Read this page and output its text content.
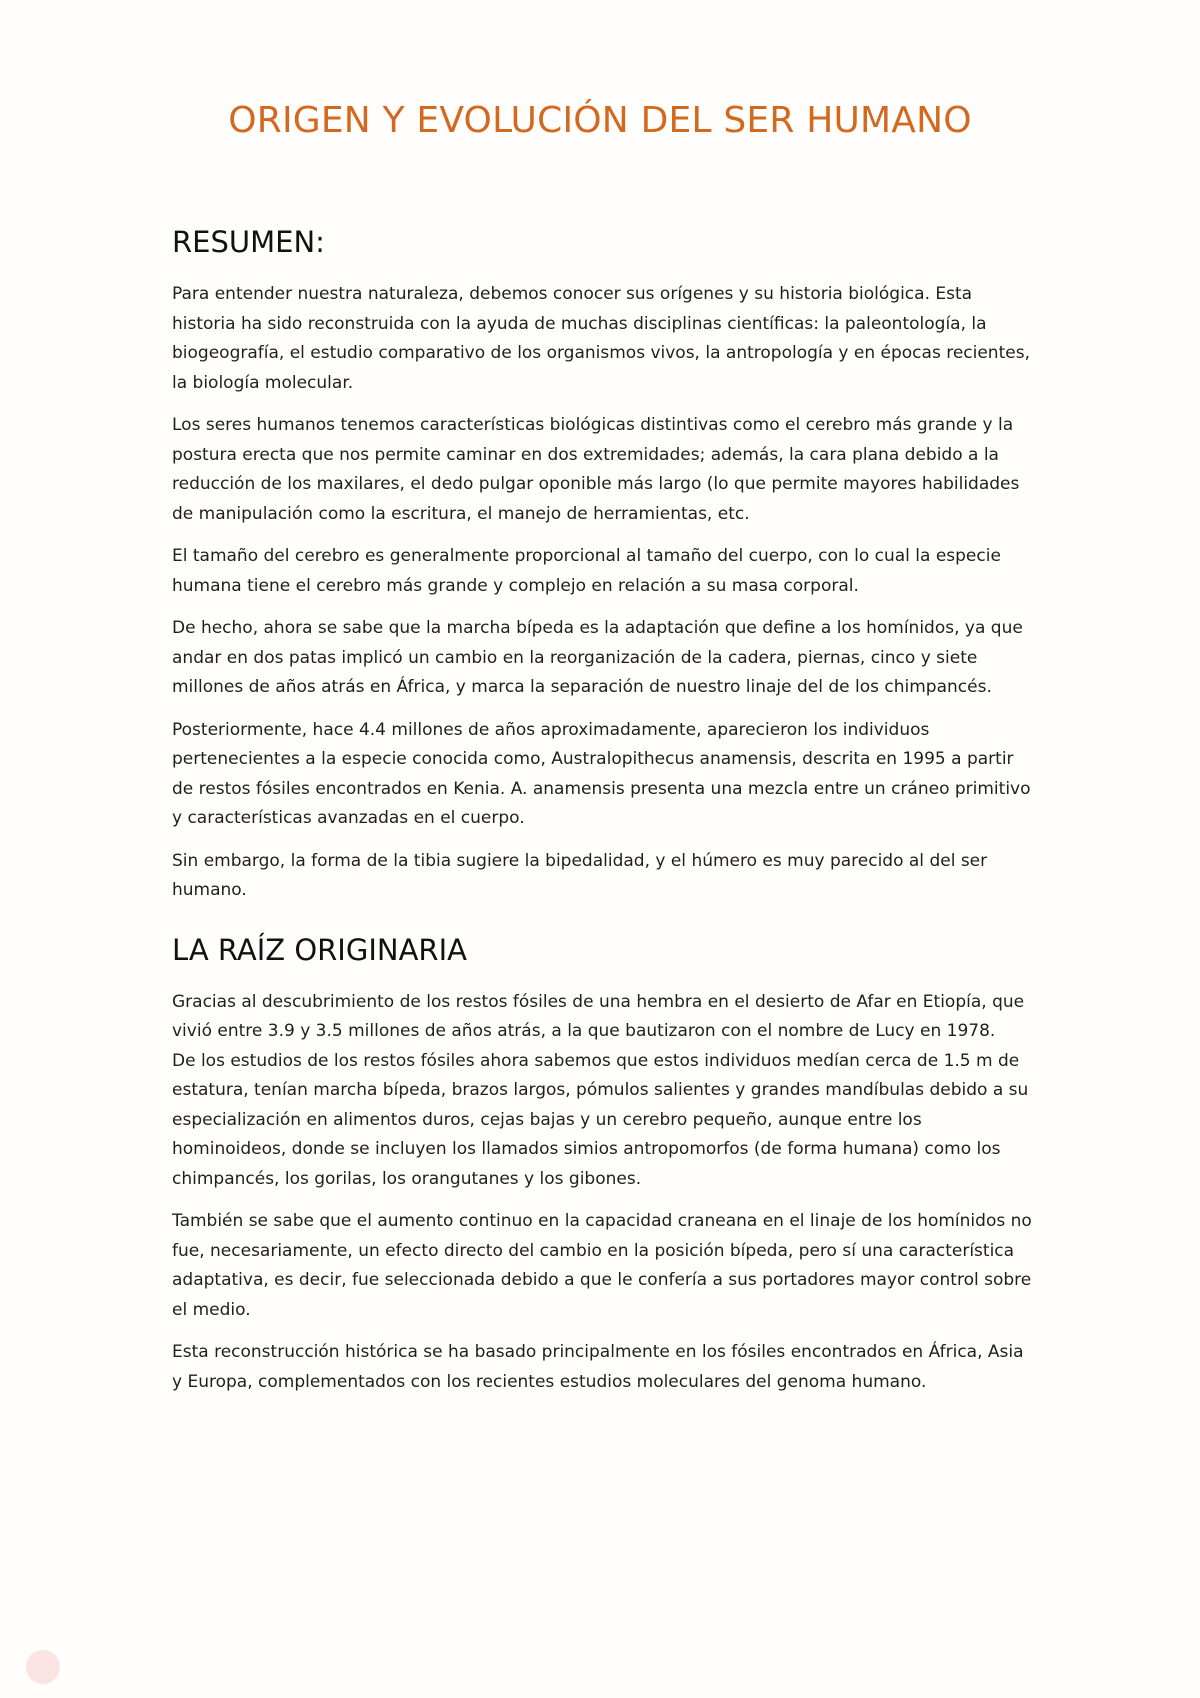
ORIGEN Y EVOLUCIÓN DEL SER HUMANO
RESUMEN:

Para entender nuestra naturaleza, debemos conocer sus orígenes y su historia biológica. Esta historia ha sido reconstruida con la ayuda de muchas disciplinas científicas: la paleontología, la biogeografía, el estudio comparativo de los organismos vivos, la antropología y en épocas recientes, la biología molecular.

Los seres humanos tenemos características biológicas distintivas como el cerebro más grande y la postura erecta que nos permite caminar en dos extremidades; además, la cara plana debido a la reducción de los maxilares, el dedo pulgar oponible más largo (lo que permite mayores habilidades de manipulación como la escritura, el manejo de herramientas, etc.

El tamaño del cerebro es generalmente proporcional al tamaño del cuerpo, con lo cual la especie humana tiene el cerebro más grande y complejo en relación a su masa corporal.

De hecho, ahora se sabe que la marcha bípeda es la adaptación que define a los homínidos, ya que andar en dos patas implicó un cambio en la reorganización de la cadera, piernas, cinco y siete millones de años atrás en África, y marca la separación de nuestro linaje del de los chimpancés.

Posteriormente, hace 4.4 millones de años aproximadamente, aparecieron los individuos pertenecientes a la especie conocida como, Australopithecus anamensis, descrita en 1995 a partir de restos fósiles encontrados en Kenia. A. anamensis presenta una mezcla entre un cráneo primitivo y características avanzadas en el cuerpo.

Sin embargo, la forma de la tibia sugiere la bipedalidad, y el húmero es muy parecido al del ser humano.

LA RAÍZ ORIGINARIA

Gracias al descubrimiento de los restos fósiles de una hembra en el desierto de Afar en Etiopía, que vivió entre 3.9 y 3.5 millones de años atrás, a la que bautizaron con el nombre de Lucy en 1978.

De los estudios de los restos fósiles ahora sabemos que estos individuos medían cerca de 1.5 m de estatura, tenían marcha bípeda, brazos largos, pómulos salientes y grandes mandíbulas debido a su especialización en alimentos duros, cejas bajas y un cerebro pequeño, aunque entre los hominoideos, donde se incluyen los llamados simios antropomorfos (de forma humana) como los chimpancés, los gorilas, los orangutanes y los gibones.

También se sabe que el aumento continuo en la capacidad craneana en el linaje de los homínidos no fue, necesariamente, un efecto directo del cambio en la posición bípeda, pero sí una característica adaptativa, es decir, fue seleccionada debido a que le confería a sus portadores mayor control sobre el medio.

Esta reconstrucción histórica se ha basado principalmente en los fósiles encontrados en África, Asia y Europa, complementados con los recientes estudios moleculares del genoma humano.
